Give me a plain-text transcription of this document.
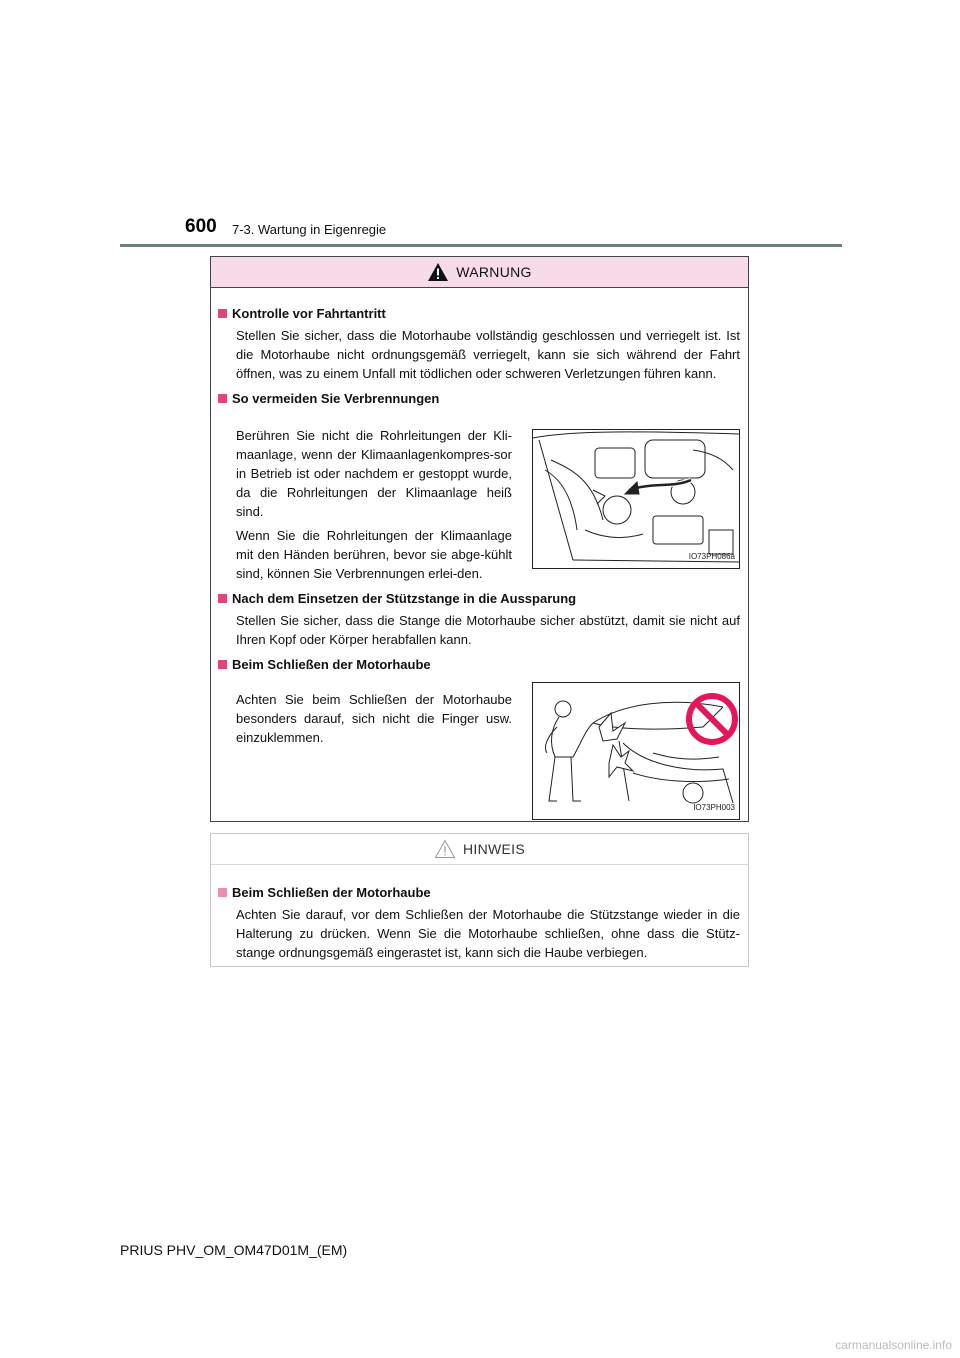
600 7-3. Wartung in Eigenregie
WARNUNG
Kontrolle vor Fahrtantritt
Stellen Sie sicher, dass die Motorhaube vollständig geschlossen und verriegelt ist. Ist die Motorhaube nicht ordnungsgemäß verriegelt, kann sie sich während der Fahrt öffnen, was zu einem Unfall mit tödlichen oder schweren Verletzungen führen kann.
So vermeiden Sie Verbrennungen
Berühren Sie nicht die Rohrleitungen der Kli-maanlage, wenn der Klimaanlagenkompres-sor in Betrieb ist oder nachdem er gestoppt wurde, da die Rohrleitungen der Klimaanlage heiß sind.
Wenn Sie die Rohrleitungen der Klimaanlage mit den Händen berühren, bevor sie abge-kühlt sind, können Sie Verbrennungen erlei-den.
IO73PH086a
Nach dem Einsetzen der Stützstange in die Aussparung
Stellen Sie sicher, dass die Stange die Motorhaube sicher abstützt, damit sie nicht auf Ihren Kopf oder Körper herabfallen kann.
Beim Schließen der Motorhaube
Achten Sie beim Schließen der Motorhaube besonders darauf, sich nicht die Finger usw. einzuklemmen.
IO73PH003
HINWEIS
Beim Schließen der Motorhaube
Achten Sie darauf, vor dem Schließen der Motorhaube die Stützstange wieder in die Halterung zu drücken. Wenn Sie die Motorhaube schließen, ohne dass die Stütz-stange ordnungsgemäß eingerastet ist, kann sich die Haube verbiegen.
PRIUS PHV_OM_OM47D01M_(EM)
carmanualsonline.info
